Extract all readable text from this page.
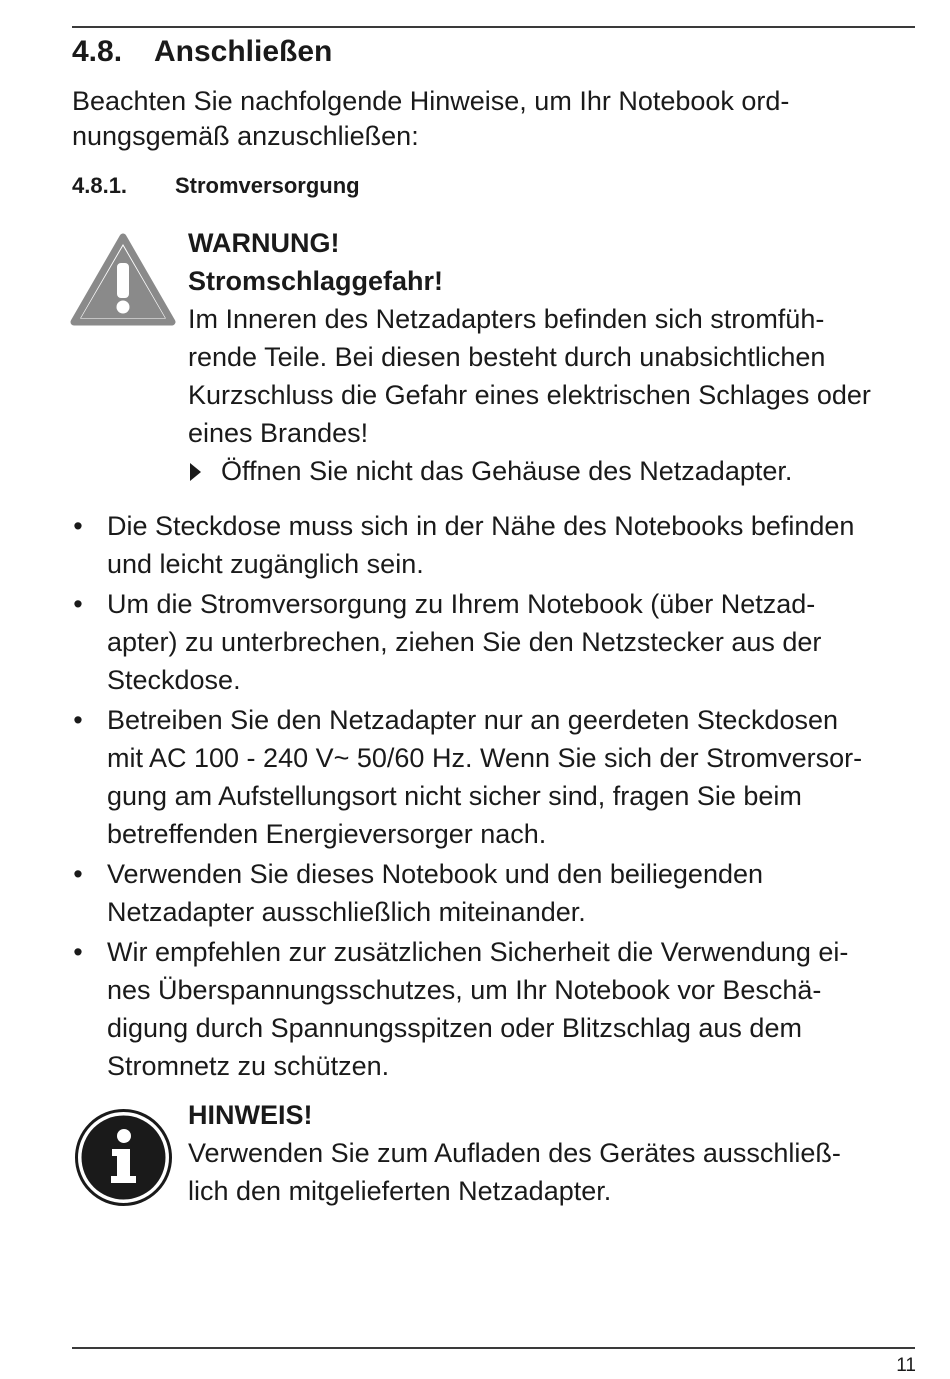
4.8. Anschließen

Beachten Sie nachfolgende Hinweise, um Ihr Notebook ord-
nungsgemäß anzuschließen:

4.8.1. Stromversorgung

WARNUNG!

Stromschlaggefahr!

Im Inneren des Netzadapters befinden sich stromfüh-
rende Teile. Bei diesen besteht durch unabsichtlichen
Kurzschluss die Gefahr eines elektrischen Schlages oder
eines Brandes!

Öffnen Sie nicht das Gehäuse des Netzadapter.
• Die Steckdose muss sich in der Nähe des Notebooks befinden
und leicht zugänglich sein.
• Um die Stromversorgung zu Ihrem Notebook (über Netzad-
apter) zu unterbrechen, ziehen Sie den Netzstecker aus der
Steckdose.
• Betreiben Sie den Netzadapter nur an geerdeten Steckdosen
mit AC 100 - 240 V~ 50/60 Hz. Wenn Sie sich der Stromversor-
gung am Aufstellungsort nicht sicher sind, fragen Sie beim
betreffenden Energieversorger nach.
• Verwenden Sie dieses Notebook und den beiliegenden
Netzadapter ausschließlich miteinander.
• Wir empfehlen zur zusätzlichen Sicherheit die Verwendung ei-
nes Überspannungsschutzes, um Ihr Notebook vor Beschä-
digung durch Spannungsspitzen oder Blitzschlag aus dem
Stromnetz zu schützen.

HINWEIS!

Verwenden Sie zum Aufladen des Gerätes ausschließ-
lich den mitgelieferten Netzadapter.

11
